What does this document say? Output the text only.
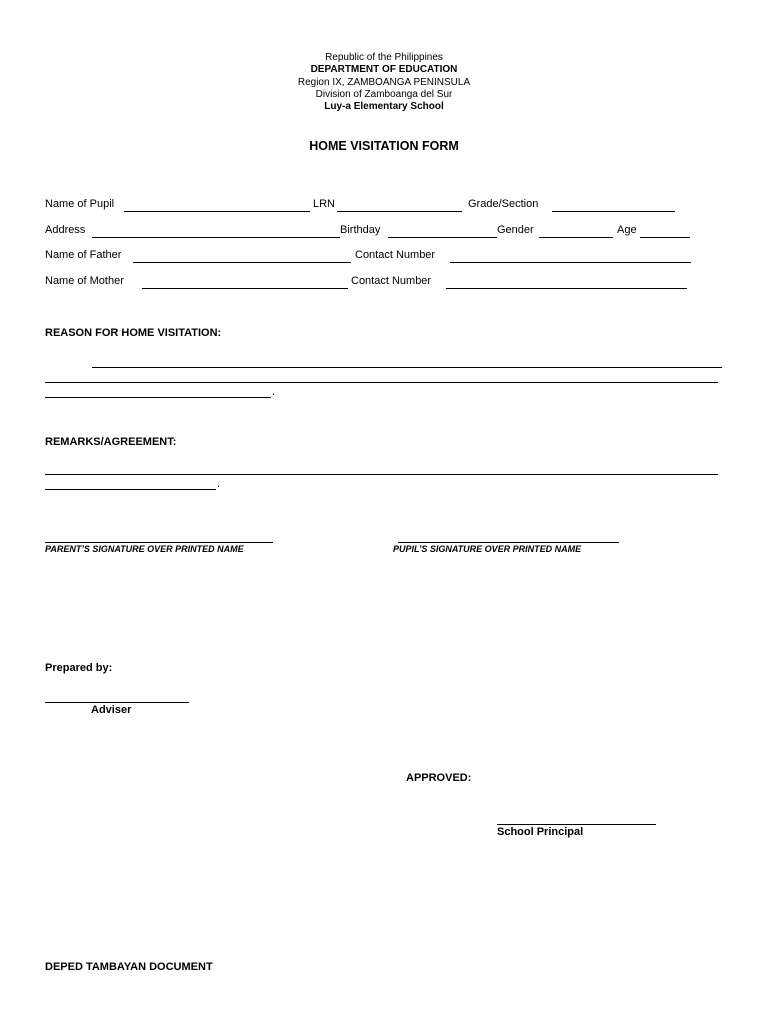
Republic of the Philippines
DEPARTMENT OF EDUCATION
Region IX, ZAMBOANGA PENINSULA
Division of Zamboanga del Sur
Luy-a Elementary School
HOME VISITATION FORM
Name of Pupil	LRN	Grade/Section
Address	Birthday	Gender	Age
Name of Father	Contact Number
Name of Mother	Contact Number
REASON FOR HOME VISITATION:
.
REMARKS/AGREEMENT:
.
PARENT’S SIGNATURE OVER PRINTED NAME	PUPIL’S SIGNATURE OVER PRINTED NAME
Prepared by:
Adviser
APPROVED:
School Principal
DEPED TAMBAYAN DOCUMENT
